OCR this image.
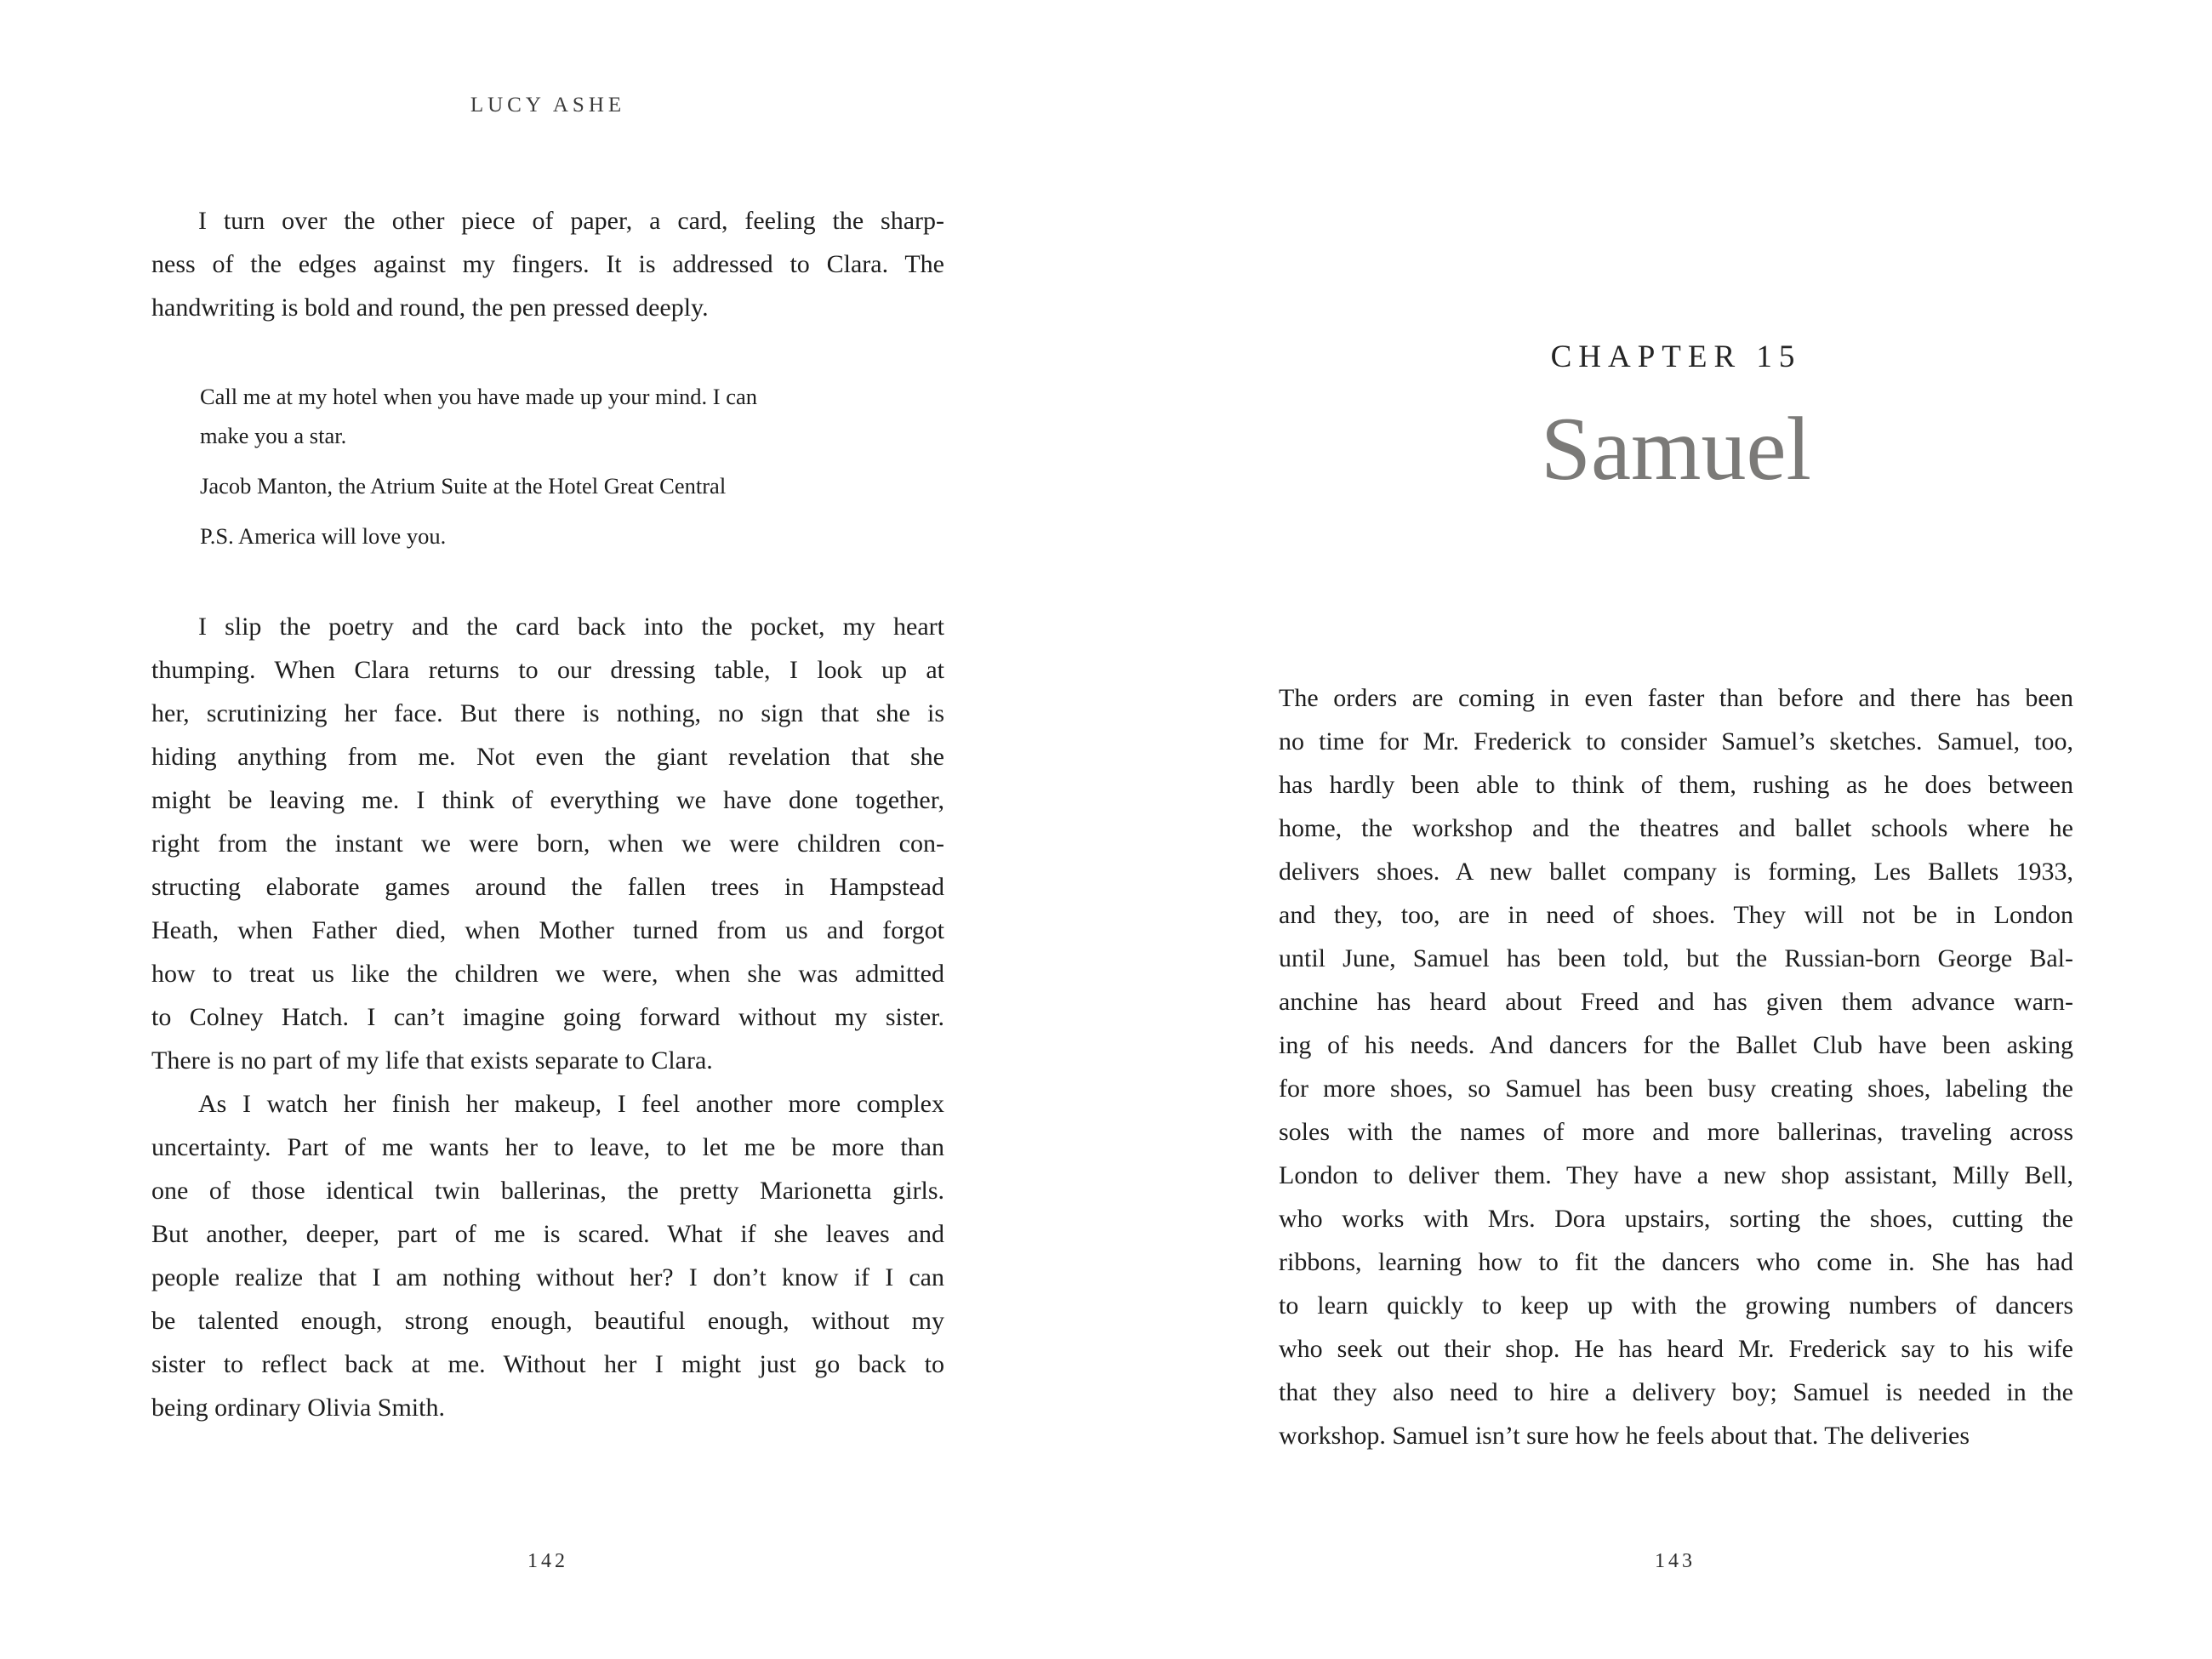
LUCY ASHE
I turn over the other piece of paper, a card, feeling the sharp-
ness of the edges against my fingers. It is addressed to Clara. The
handwriting is bold and round, the pen pressed deeply.
Call me at my hotel when you have made up your mind. I can
make you a star.
Jacob Manton, the Atrium Suite at the Hotel Great Central
P.S. America will love you.
I slip the poetry and the card back into the pocket, my heart
thumping. When Clara returns to our dressing table, I look up at
her, scrutinizing her face. But there is nothing, no sign that she is
hiding anything from me. Not even the giant revelation that she
might be leaving me. I think of everything we have done together,
right from the instant we were born, when we were children con-
structing elaborate games around the fallen trees in Hampstead
Heath, when Father died, when Mother turned from us and forgot
how to treat us like the children we were, when she was admitted
to Colney Hatch. I can’t imagine going forward without my sister.
There is no part of my life that exists separate to Clara.
As I watch her finish her makeup, I feel another more complex
uncertainty. Part of me wants her to leave, to let me be more than
one of those identical twin ballerinas, the pretty Marionetta girls.
But another, deeper, part of me is scared. What if she leaves and
people realize that I am nothing without her? I don’t know if I can
be talented enough, strong enough, beautiful enough, without my
sister to reflect back at me. Without her I might just go back to
being ordinary Olivia Smith.
142
CHAPTER 15
Samuel
The orders are coming in even faster than before and there has been
no time for Mr. Frederick to consider Samuel’s sketches. Samuel, too,
has hardly been able to think of them, rushing as he does between
home, the workshop and the theatres and ballet schools where he
delivers shoes. A new ballet company is forming, Les Ballets 1933,
and they, too, are in need of shoes. They will not be in London
until June, Samuel has been told, but the Russian-born George Bal-
anchine has heard about Freed and has given them advance warn-
ing of his needs. And dancers for the Ballet Club have been asking
for more shoes, so Samuel has been busy creating shoes, labeling the
soles with the names of more and more ballerinas, traveling across
London to deliver them. They have a new shop assistant, Milly Bell,
who works with Mrs. Dora upstairs, sorting the shoes, cutting the
ribbons, learning how to fit the dancers who come in. She has had
to learn quickly to keep up with the growing numbers of dancers
who seek out their shop. He has heard Mr. Frederick say to his wife
that they also need to hire a delivery boy; Samuel is needed in the
workshop. Samuel isn’t sure how he feels about that. The deliveries
143
